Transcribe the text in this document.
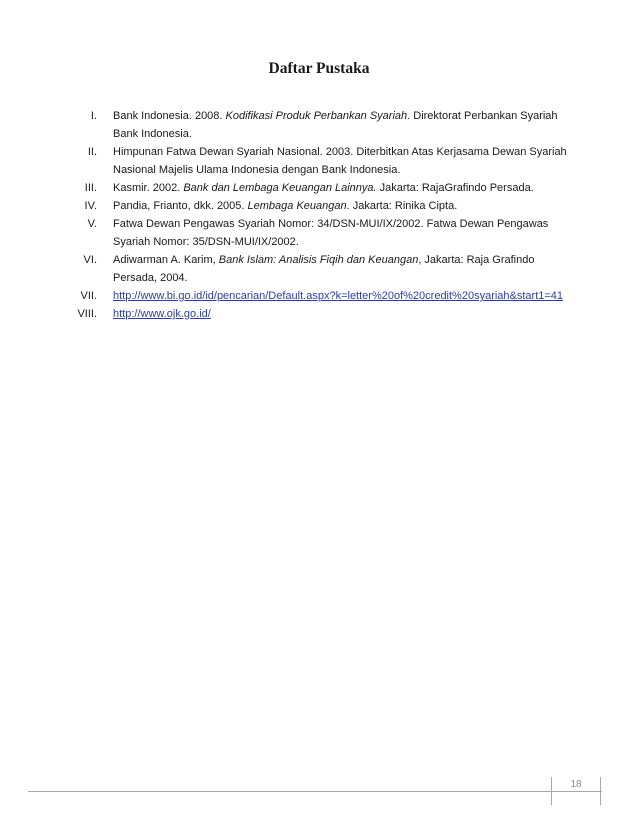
Daftar Pustaka
I. Bank Indonesia. 2008. Kodifikasi Produk Perbankan Syariah. Direktorat Perbankan Syariah
Bank Indonesia.
II. Himpunan Fatwa Dewan Syariah Nasional. 2003. Diterbitkan Atas Kerjasama Dewan Syariah
Nasional Majelis Ulama Indonesia dengan Bank Indonesia.
III. Kasmir. 2002. Bank dan Lembaga Keuangan Lainnya. Jakarta: RajaGrafindo Persada.
IV. Pandia, Frianto, dkk. 2005. Lembaga Keuangan. Jakarta: Rinika Cipta.
V. Fatwa Dewan Pengawas Syariah Nomor: 34/DSN-MUI/IX/2002. Fatwa Dewan Pengawas
Syariah Nomor: 35/DSN-MUI/IX/2002.
VI. Adiwarman A. Karim, Bank Islam: Analisis Fiqih dan Keuangan, Jakarta: Raja Grafindo
Persada, 2004.
VII. http://www.bi.go.id/id/pencarian/Default.aspx?k=letter%20of%20credit%20syariah&start1=41
VIII. http://www.ojk.go.id/
18
